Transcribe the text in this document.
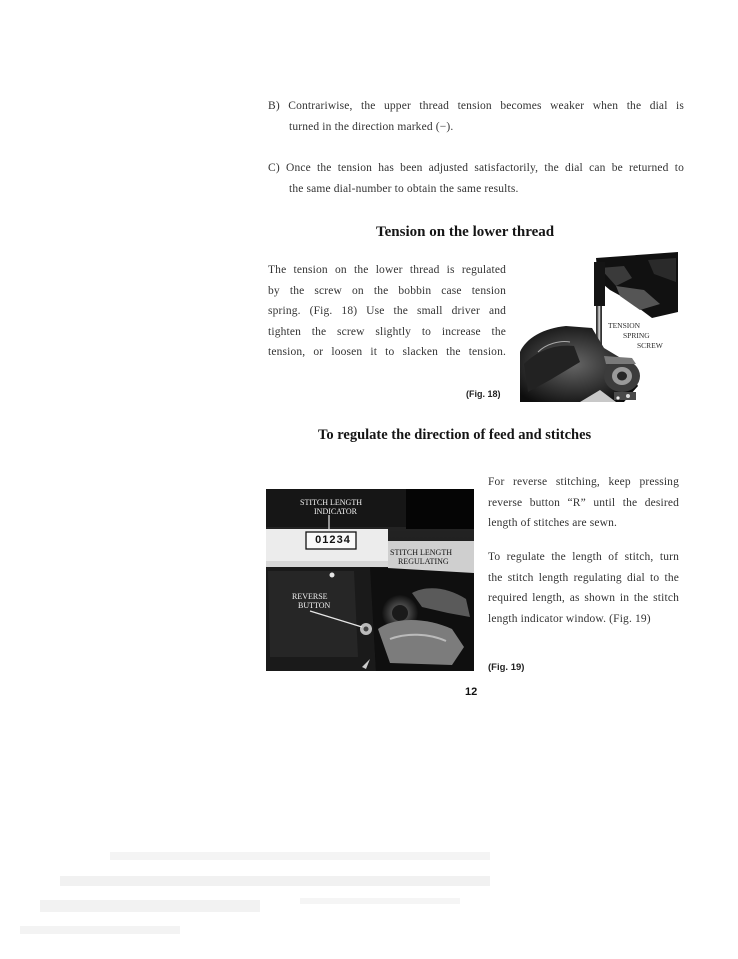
B) Contrariwise, the upper thread tension becomes weaker when the dial is
turned in the direction marked (−).
C) Once the tension has been adjusted satisfactorily, the dial can be returned to
the same dial-number to obtain the same results.
Tension on the lower thread
The tension on the lower thread is regulated
by the screw on the bobbin case tension
spring. (Fig. 18) Use the small driver and
tighten the screw slightly to increase the
tension, or loosen it to slacken the tension.
(Fig. 18)
TENSION
SPRING
SCREW
To regulate the direction of feed and stitches
0 1 2 3 4
STITCH LENGTH
INDICATOR
STITCH LENGTH
REGULATING
REVERSE
BUTTON
For reverse stitching, keep pressing
reverse button “R” until the desired
length of stitches are sewn.
To regulate the length of stitch, turn
the stitch length regulating dial to the
required length, as shown in the stitch
length indicator window. (Fig. 19)
(Fig. 19)
12
